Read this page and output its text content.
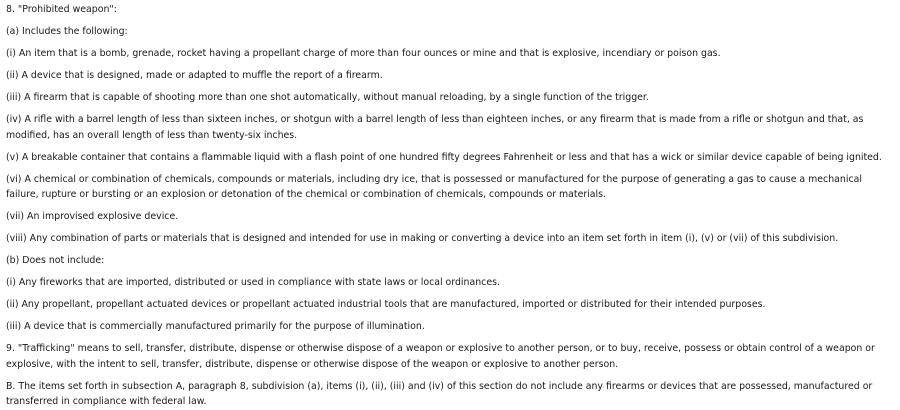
8. "Prohibited weapon":

(a) Includes the following:

(i) An item that is a bomb, grenade, rocket having a propellant charge of more than four ounces or mine and that is explosive, incendiary or poison gas.

(ii) A device that is designed, made or adapted to muffle the report of a firearm.

(iii) A firearm that is capable of shooting more than one shot automatically, without manual reloading, by a single function of the trigger.

(iv) A rifle with a barrel length of less than sixteen inches, or shotgun with a barrel length of less than eighteen inches, or any firearm that is made from a rifle or shotgun and that, as modified, has an overall length of less than twenty-six inches.

(v) A breakable container that contains a flammable liquid with a flash point of one hundred fifty degrees Fahrenheit or less and that has a wick or similar device capable of being ignited.

(vi) A chemical or combination of chemicals, compounds or materials, including dry ice, that is possessed or manufactured for the purpose of generating a gas to cause a mechanical failure, rupture or bursting or an explosion or detonation of the chemical or combination of chemicals, compounds or materials.

(vii) An improvised explosive device.

(viii) Any combination of parts or materials that is designed and intended for use in making or converting a device into an item set forth in item (i), (v) or (vii) of this subdivision.

(b) Does not include:

(i) Any fireworks that are imported, distributed or used in compliance with state laws or local ordinances.

(ii) Any propellant, propellant actuated devices or propellant actuated industrial tools that are manufactured, imported or distributed for their intended purposes.

(iii) A device that is commercially manufactured primarily for the purpose of illumination.

9. "Trafficking" means to sell, transfer, distribute, dispense or otherwise dispose of a weapon or explosive to another person, or to buy, receive, possess or obtain control of a weapon or explosive, with the intent to sell, transfer, distribute, dispense or otherwise dispose of the weapon or explosive to another person.

B. The items set forth in subsection A, paragraph 8, subdivision (a), items (i), (ii), (iii) and (iv) of this section do not include any firearms or devices that are possessed, manufactured or transferred in compliance with federal law.
